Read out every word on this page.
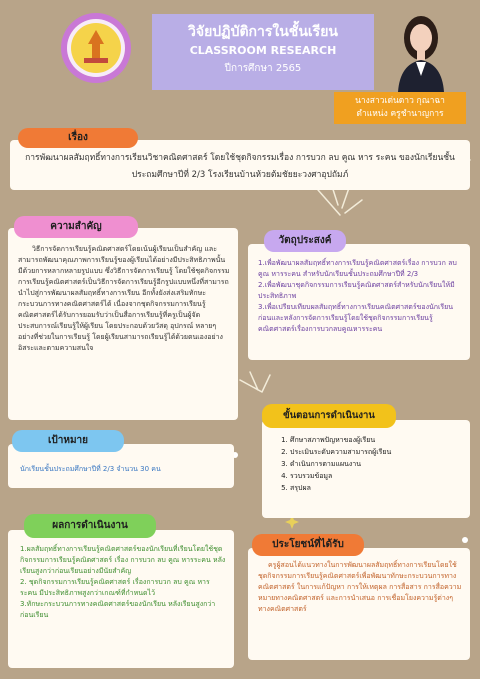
วิจัยปฏิบัติการในชั้นเรียน
CLASSROOM RESEARCH
ปีการศึกษา 2565
นางสาวเด่นดาว กุณาฉา
ตำแหน่ง ครูชำนาญการ
เรื่อง
การพัฒนาผลสัมฤทธิ์ทางการเรียนวิชาคณิตศาสตร์ โดยใช้ชุดกิจกรรมเรื่อง การบวก ลบ คูณ หาร ระคน ของนักเรียนชั้นประถมศึกษาปีที่ 2/3 โรงเรียนบ้านห้วยต้มชัยยะวงศาอุปถัมภ์
ความสำคัญ
วิธีการจัดการเรียนรู้คณิตศาสตร์โดยเน้นผู้เรียนเป็นสำคัญ และสามารถพัฒนาคุณภาพการเรียนรู้ของผู้เรียนได้อย่างมีประสิทธิภาพนั้น มีด้วยการหลากหลายรูปแบบ ซึ่งวิธีการจัดการเรียนรู้ โดยใช้ชุดกิจกรรมการเรียนรู้คณิตศาสตร์เป็นวิธีการจัดการเรียนรู้อีกรูปแบบหนึ่งที่สามารถนำไปสู่การพัฒนาผลสัมฤทธิ์ทางการเรียน อีกทั้งยังส่งเสริมทักษะกระบวนการทางคณิตศาสตร์ได้ เนื่องจากชุดกิจกรรมการเรียนรู้คณิตศาสตร์ได้รับการยอมรับว่าเป็นสื่อการเรียนรู้ที่ครูเป็นผู้จัดประสบการณ์เรียนรู้ให้ผู้เรียน โดยประกอบด้วยวัสดุ อุปกรณ์ หลายๆ อย่างที่ช่วยในการเรียนรู้ โดยผู้เรียนสามารถเรียนรู้ได้ด้วยตนเองอย่างอิสระและตามความสนใจ
วัตถุประสงค์
1.เพื่อพัฒนาผลสัมฤทธิ์ทางการเรียนรู้คณิตศาสตร์เรื่อง การบวก ลบ คูณ หารระคน สำหรับนักเรียนชั้นประถมศึกษาปีที่ 2/3
2.เพื่อพัฒนาชุดกิจกรรมการเรียนรู้คณิตศาสตร์สำหรับนักเรียนให้มีประสิทธิภาพ
3.เพื่อเปรียบเทียบผลสัมฤทธิ์ทางการเรียนคณิตศาสตร์ของนักเรียนก่อนและหลังการจัดการเรียนรู้โดยใช้ชุดกิจกรรมการเรียนรู้คณิตศาสตร์เรื่องการบวกลบคูณหารระคน
ขั้นตอนการดำเนินงาน
1. ศึกษาสภาพปัญหาของผู้เรียน
2. ประเมินระดับความสามารถผู้เรียน
3. ดำเนินการตามแผนงาน
4. รวบรวมข้อมูล
5. สรุปผล
เป้าหมาย
นักเรียนชั้นประถมศึกษาปีที่ 2/3 จำนวน 30 คน
ผลการดำเนินงาน
1.ผลสัมฤทธิ์ทางการเรียนรู้คณิตศาสตร์ของนักเรียนที่เรียนโดยใช้ชุดกิจกรรมการเรียนรู้คณิตศาสตร์ เรื่อง การบวก ลบ คูณ หารระคน หลังเรียนสูงกว่าก่อนเรียนอย่างมีนัยสำคัญ
2. ชุดกิจกรรมการเรียนรู้คณิตศาสตร์ เรื่องการบวก ลบ คูณ หารระคน มีประสิทธิภาพสูงกว่าเกณฑ์ที่กำหนดไว้
3.ทักษะกระบวนการทางคณิตศาสตร์ของนักเรียน หลังเรียนสูงกว่าก่อนเรียน
ประโยชน์ที่ได้รับ
ครูผู้สอนได้แนวทางในการพัฒนาผลสัมฤทธิ์ทางการเรียนโดยใช้ชุดกิจกรรมการเรียนรู้คณิตศาสตร์เพื่อพัฒนาทักษะกระบวนการทางคณิตศาสตร์ ในการแก้ปัญหา การให้เหตุผล การสื่อสาร การสื่อความหมายทางคณิตศาสตร์ และการนำเสนอ การเชื่อมโยงความรู้ต่างๆ ทางคณิตศาสตร์
